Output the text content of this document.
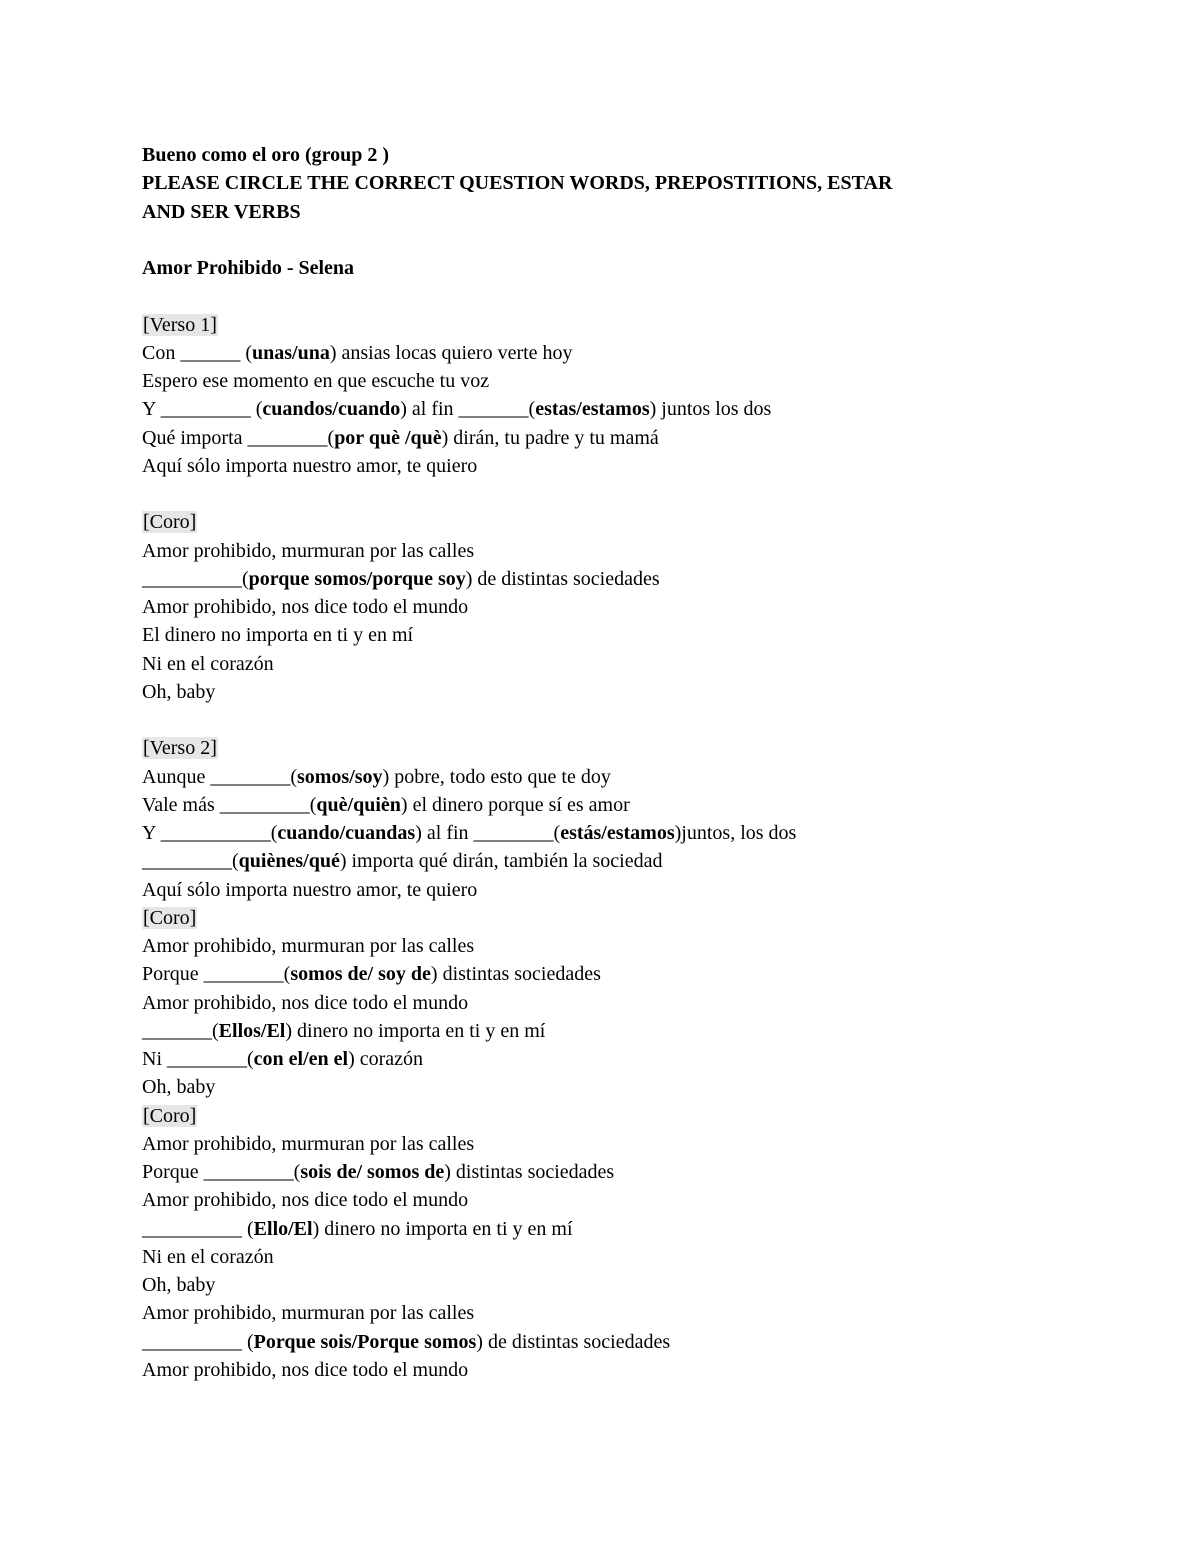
Bueno como el oro (group 2 )
PLEASE CIRCLE THE CORRECT QUESTION WORDS, PREPOSTITIONS, ESTAR
AND SER VERBS
Amor Prohibido - Selena
[Verso 1]
Con ______ (unas/una) ansias locas quiero verte hoy
Espero ese momento en que escuche tu voz
Y _________ (cuandos/cuando) al fin _______(estas/estamos) juntos los dos
Qué importa ________(por què /què) dirán, tu padre y tu mamá
Aquí sólo importa nuestro amor, te quiero
[Coro]
Amor prohibido, murmuran por las calles
__________(porque somos/porque soy) de distintas sociedades
Amor prohibido, nos dice todo el mundo
El dinero no importa en ti y en mí
Ni en el corazón
Oh, baby
[Verso 2]
Aunque ________(somos/soy) pobre, todo esto que te doy
Vale más _________(què/quièn) el dinero porque sí es amor
Y ___________(cuando/cuandas) al fin ________(estás/estamos)juntos, los dos
_________(quiènes/qué) importa qué dirán, también la sociedad
Aquí sólo importa nuestro amor, te quiero
[Coro]
Amor prohibido, murmuran por las calles
Porque ________(somos de/ soy de) distintas sociedades
Amor prohibido, nos dice todo el mundo
_______(Ellos/El) dinero no importa en ti y en mí
Ni ________(con el/en el) corazón
Oh, baby
[Coro]
Amor prohibido, murmuran por las calles
Porque _________(sois de/ somos de) distintas sociedades
Amor prohibido, nos dice todo el mundo
__________ (Ello/El) dinero no importa en ti y en mí
Ni en el corazón
Oh, baby
Amor prohibido, murmuran por las calles
__________ (Porque sois/Porque somos) de distintas sociedades
Amor prohibido, nos dice todo el mundo
